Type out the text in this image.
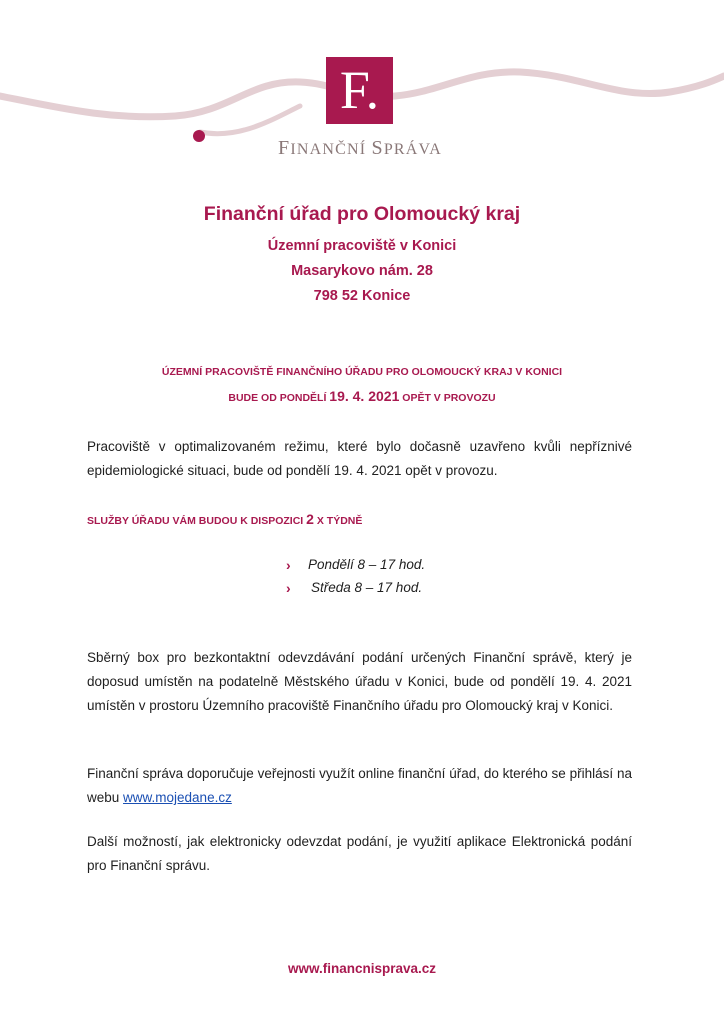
F.
FINANČNÍ SPRÁVA
Finanční úřad pro Olomoucký kraj
Územní pracoviště v Konici
Masarykovo nám. 28
798 52 Konice
ÚZEMNÍ PRACOVIŠTĚ FINANČNÍHO ÚŘADU PRO OLOMOUCKÝ KRAJ V KONICI
BUDE OD PONDĚLÍ 19. 4. 2021 OPĚT V PROVOZU
Pracoviště v optimalizovaném režimu, které bylo dočasně uzavřeno kvůli nepříznivé epidemiologické situaci, bude od pondělí 19. 4. 2021 opět v provozu.
SLUŽBY ÚŘADU VÁM BUDOU K DISPOZICI 2 X TÝDNĚ
› Pondělí 8 – 17 hod.
› Středa 8 – 17 hod.
Sběrný box pro bezkontaktní odevzdávání podání určených Finanční správě, který je doposud umístěn na podatelně Městského úřadu v Konici, bude od pondělí 19. 4. 2021 umístěn v prostoru Územního pracoviště Finančního úřadu pro Olomoucký kraj v Konici.
Finanční správa doporučuje veřejnosti využít online finanční úřad, do kterého se přihlásí na webu www.mojedane.cz
Další možností, jak elektronicky odevzdat podání, je využití aplikace Elektronická podání pro Finanční správu.
www.financnisprava.cz
